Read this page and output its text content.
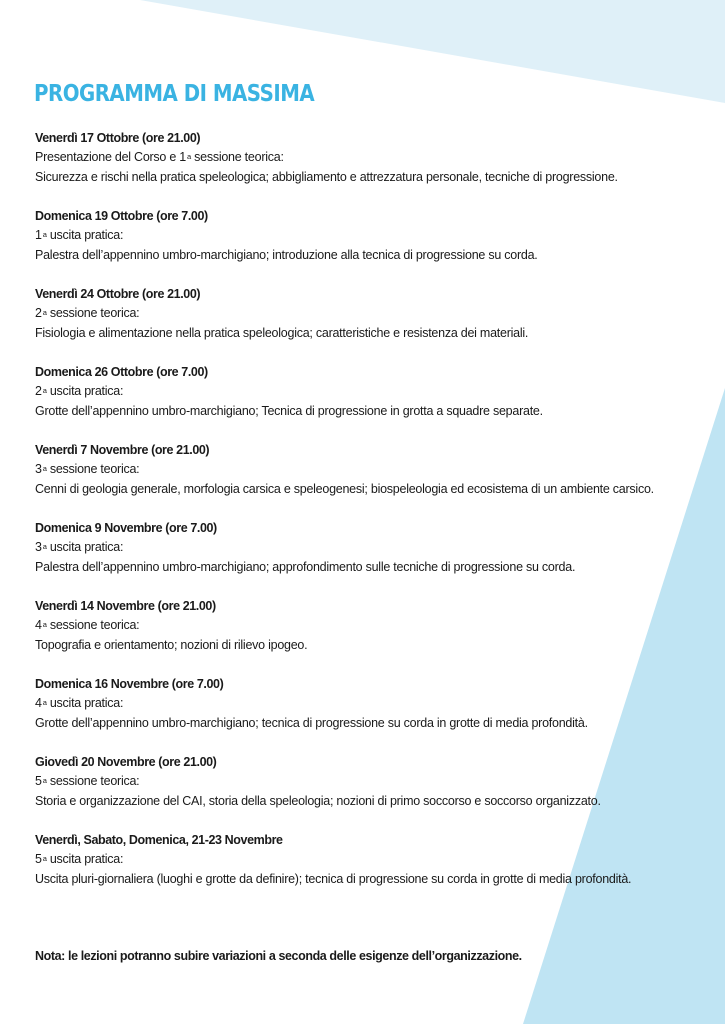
PROGRAMMA DI MASSIMA
Venerdì 17 Ottobre (ore 21.00)
Presentazione del Corso e 1$^a$ sessione teorica:
Sicurezza e rischi nella pratica speleologica; abbigliamento e attrezzatura personale, tecniche di progressione.
Domenica 19 Ottobre (ore 7.00)
1$^a$ uscita pratica:
Palestra dell’appennino umbro-marchigiano; introduzione alla tecnica di progressione su corda.
Venerdì 24 Ottobre (ore 21.00)
2$^a$ sessione teorica:
Fisiologia e alimentazione nella pratica speleologica; caratteristiche e resistenza dei materiali.
Domenica 26 Ottobre (ore 7.00)
2$^a$ uscita pratica:
Grotte dell’appennino umbro-marchigiano; Tecnica di progressione in grotta a squadre separate.
Venerdì 7 Novembre (ore 21.00)
3$^a$ sessione teorica:
Cenni di geologia generale, morfologia carsica e speleogenesi; biospeleologia ed ecosistema di un ambiente carsico.
Domenica 9 Novembre (ore 7.00)
3$^a$ uscita pratica:
Palestra dell’appennino umbro-marchigiano; approfondimento sulle tecniche di progressione su corda.
Venerdì 14 Novembre (ore 21.00)
4$^a$ sessione teorica:
Topografia e orientamento; nozioni di rilievo ipogeo.
Domenica 16 Novembre (ore 7.00)
4$^a$ uscita pratica:
Grotte dell’appennino umbro-marchigiano; tecnica di progressione su corda in grotte di media profondità.
Giovedì 20 Novembre (ore 21.00)
5$^a$ sessione teorica:
Storia e organizzazione del CAI, storia della speleologia; nozioni di primo soccorso e soccorso organizzato.
Venerdì, Sabato, Domenica, 21-23 Novembre
5$^a$ uscita pratica:
Uscita pluri-giornaliera (luoghi e grotte da definire); tecnica di progressione su corda in grotte di media profondità.
Nota: le lezioni potranno subire variazioni a seconda delle esigenze dell’organizzazione.
